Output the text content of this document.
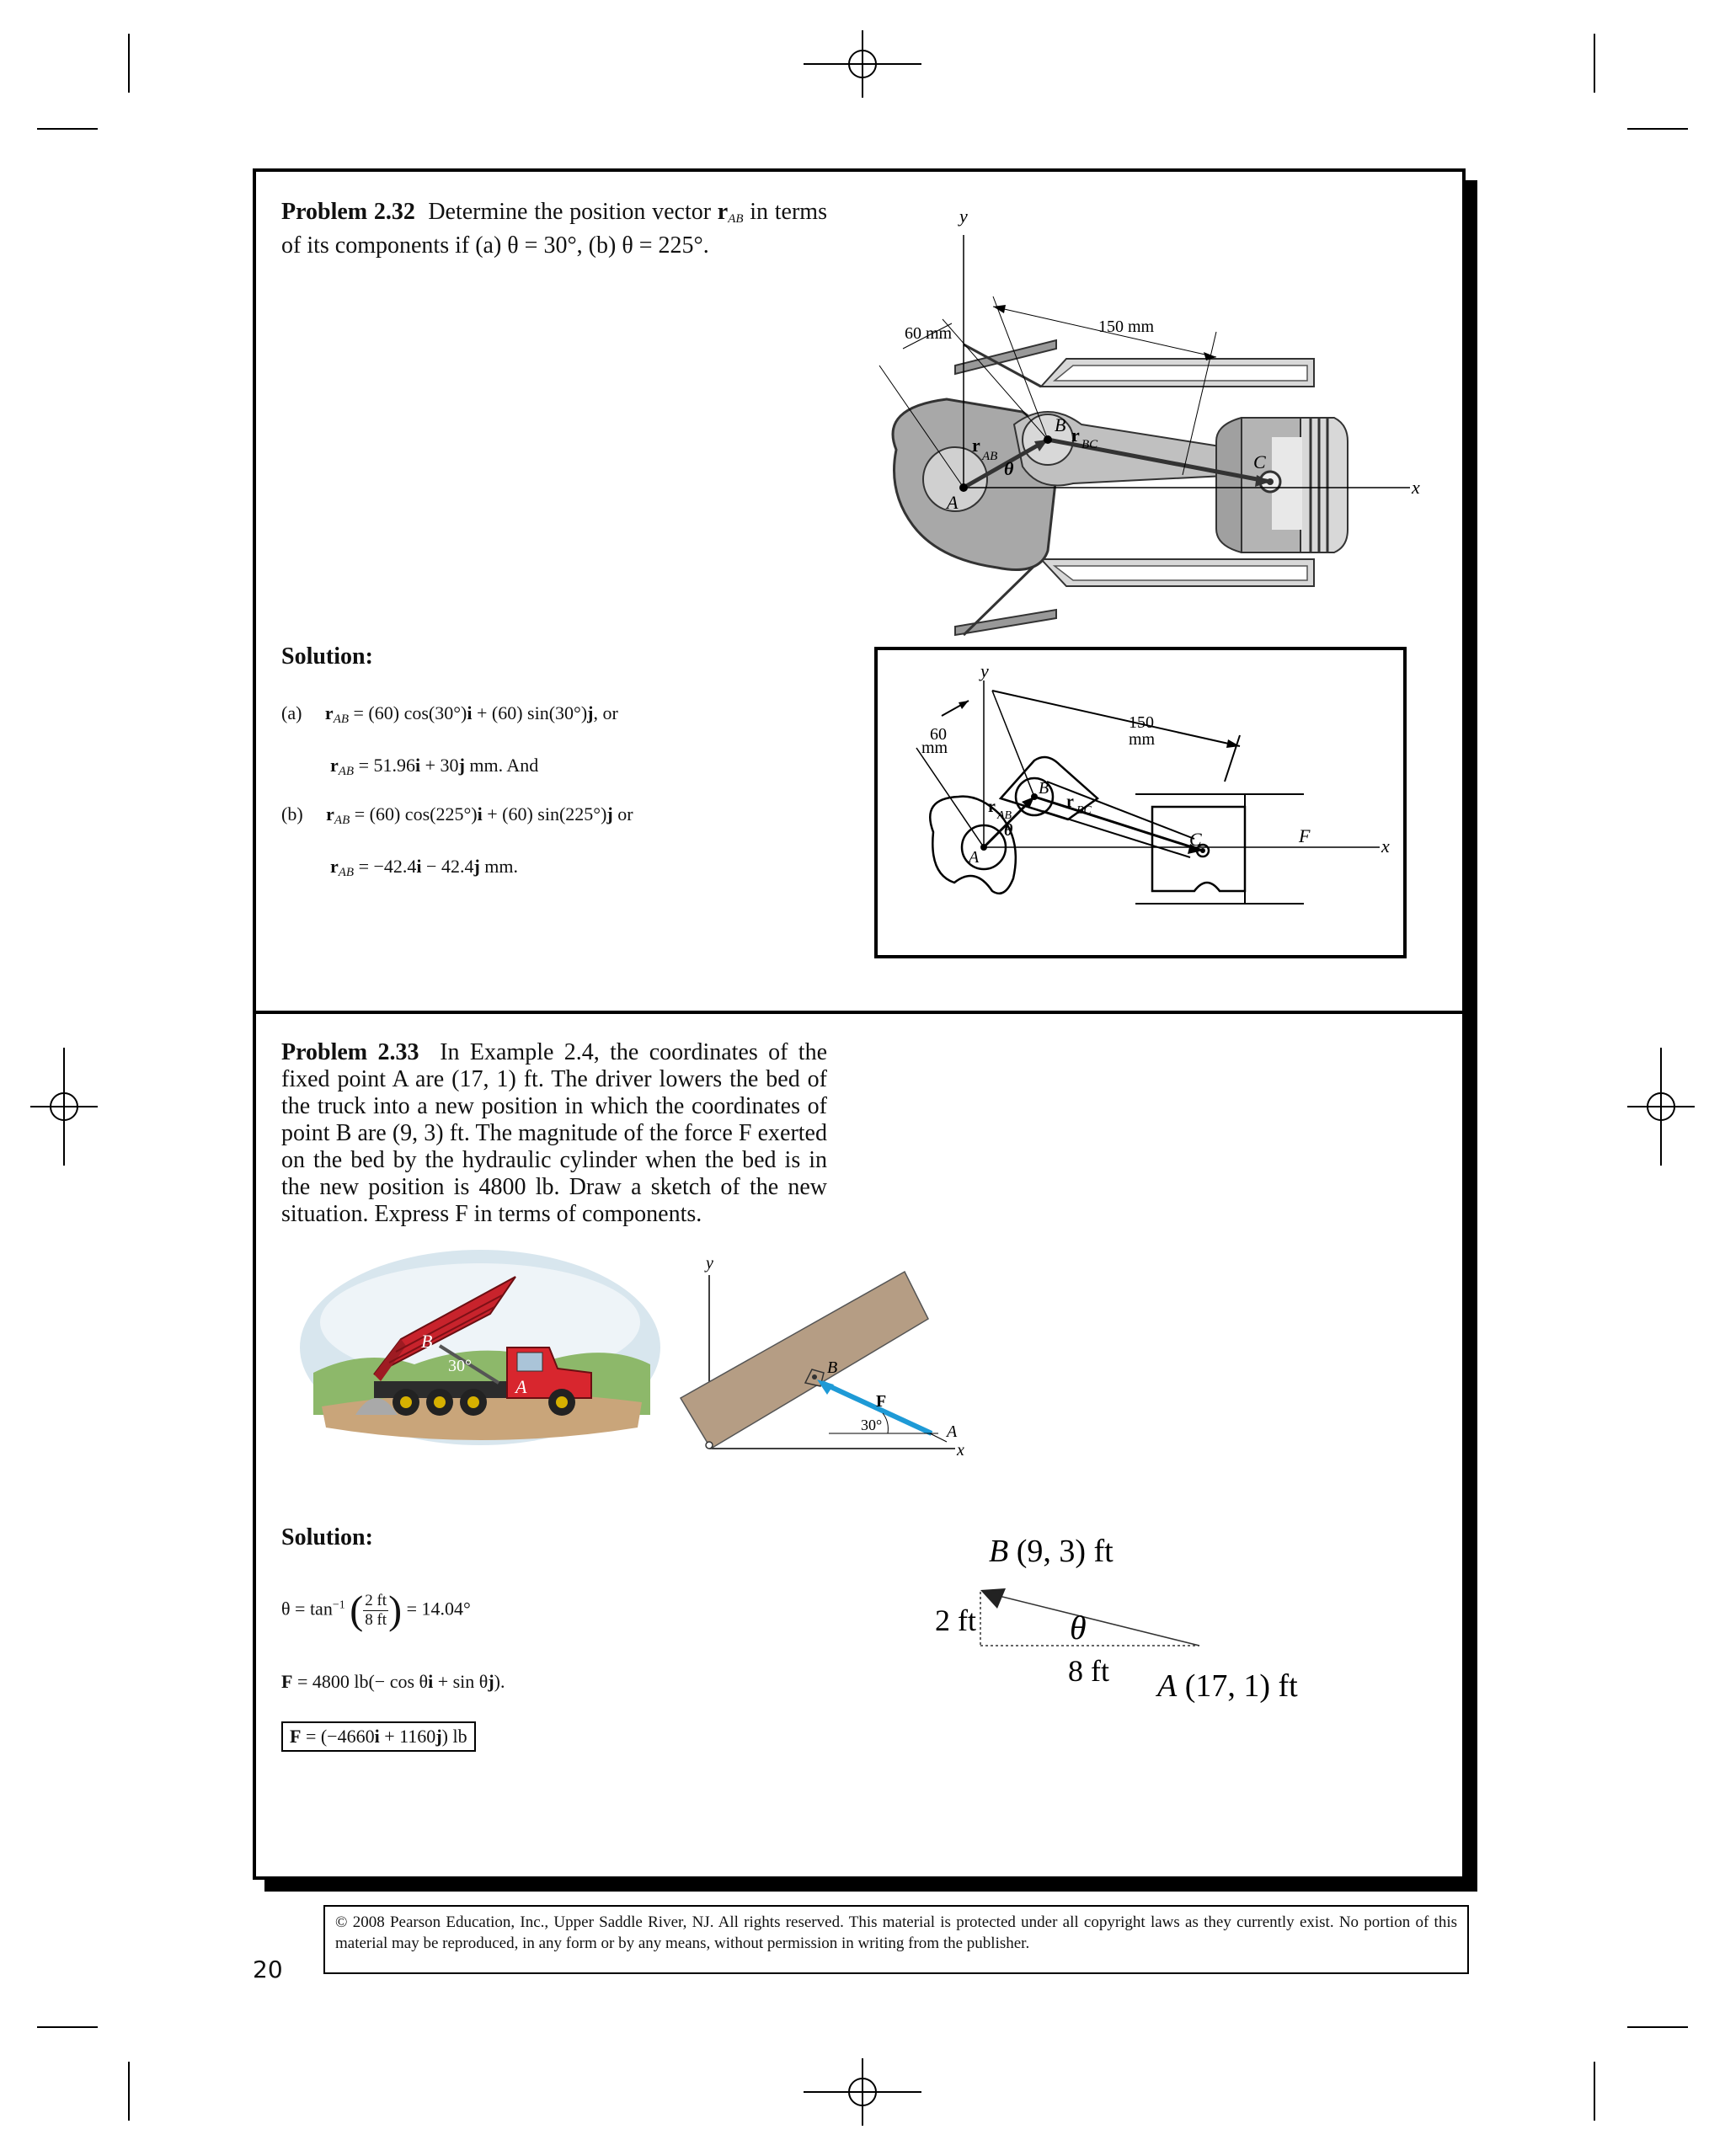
Problem 2.32 Determine the position vector $r_{AB}$ in terms of its components if (a) θ = 30°, (b) θ = 225°.
60 mm	150 mm
y
x
A
B
C
r
AB
r BC
θ
Solution:
(a) $r_{AB} = (60) \cos(30^\circ)i + (60)$ sin(30°)j, or
$r_{AB} = 51.96i + 30j$ mm. And
(b) $r_{AB} = (60) \cos(225^\circ)i + (60)$ sin(225°)j or
$r_{AB} = -42.4i - 42.4j$ mm.
60
mm
150
mm
y
x
A
B
C	F
r AB
r BC
θ
Problem 2.33 In Example 2.4, the coordinates of the fixed point A are (17, 1) ft. The driver lowers the bed of the truck into a new position in which the coordinates of point B are (9, 3) ft. The magnitude of the force F exerted on the bed by the hydraulic cylinder when the bed is in the new position is 4800 lb. Draw a sketch of the new situation. Express F in terms of components.
B
A
30°
y
x
B
A
F
30°
Solution:
$\theta = \tan^{-1}$ ( $\frac{2 ft}{8 ft}$ ) = 14.04°
F = 4800 lb(− cos θi + sin θj).
F = (−4660i + 1160j) lb
B (9, 3) ft
A (17, 1) ft
2 ft
8 ft
θ
© 2008 Pearson Education, Inc., Upper Saddle River, NJ. All rights reserved. This material is protected under all copyright laws as they currently exist. No portion of this material may be reproduced, in any form or by any means, without permission in writing from the publisher.
20
